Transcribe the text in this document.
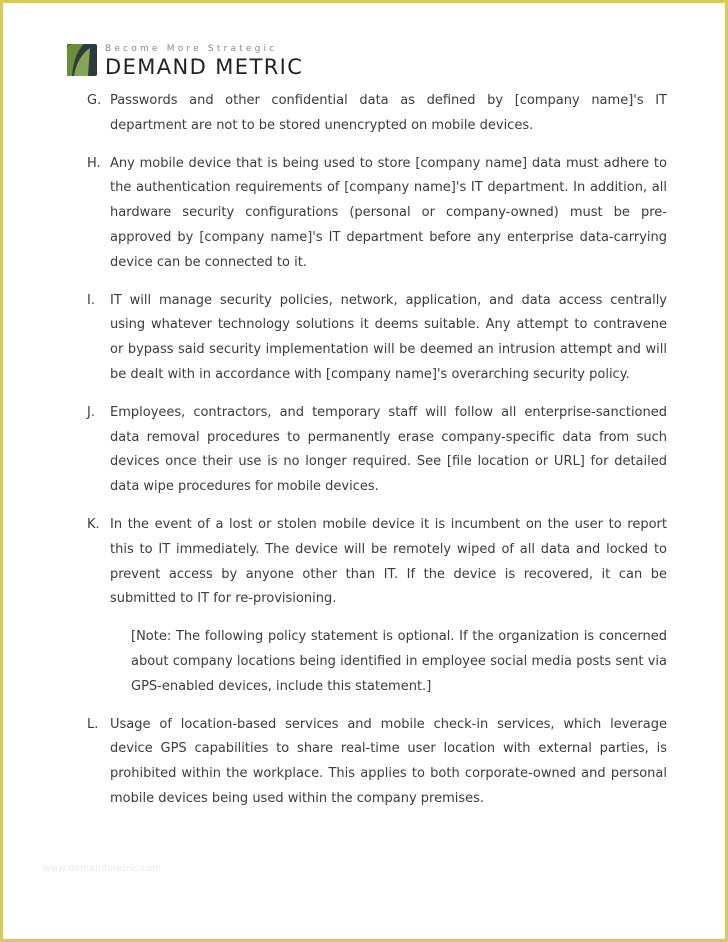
Become More Strategic
DEMAND METRIC
G. Passwords and other confidential data as defined by [company name]'s IT department are not to be stored unencrypted on mobile devices.
H. Any mobile device that is being used to store [company name] data must adhere to the authentication requirements of [company name]'s IT department. In addition, all hardware security configurations (personal or company-owned) must be pre-approved by [company name]'s IT department before any enterprise data-carrying device can be connected to it.
I.	IT will manage security policies, network, application, and data access centrally using whatever technology solutions it deems suitable. Any attempt to contravene or bypass said security implementation will be deemed an intrusion attempt and will be dealt with in accordance with [company name]'s overarching security policy.
J.	Employees, contractors, and temporary staff will follow all enterprise-sanctioned data removal procedures to permanently erase company-specific data from such devices once their use is no longer required. See [file location or URL] for detailed data wipe procedures for mobile devices.
K. In the event of a lost or stolen mobile device it is incumbent on the user to report this to IT immediately. The device will be remotely wiped of all data and locked to prevent access by anyone other than IT. If the device is recovered, it can be submitted to IT for re-provisioning.
[Note: The following policy statement is optional. If the organization is concerned about company locations being identified in employee social media posts sent via GPS-enabled devices, include this statement.]
L. Usage of location-based services and mobile check-in services, which leverage device GPS capabilities to share real-time user location with external parties, is prohibited within the workplace. This applies to both corporate-owned and personal mobile devices being used within the company premises.
www.demandmetric.com
